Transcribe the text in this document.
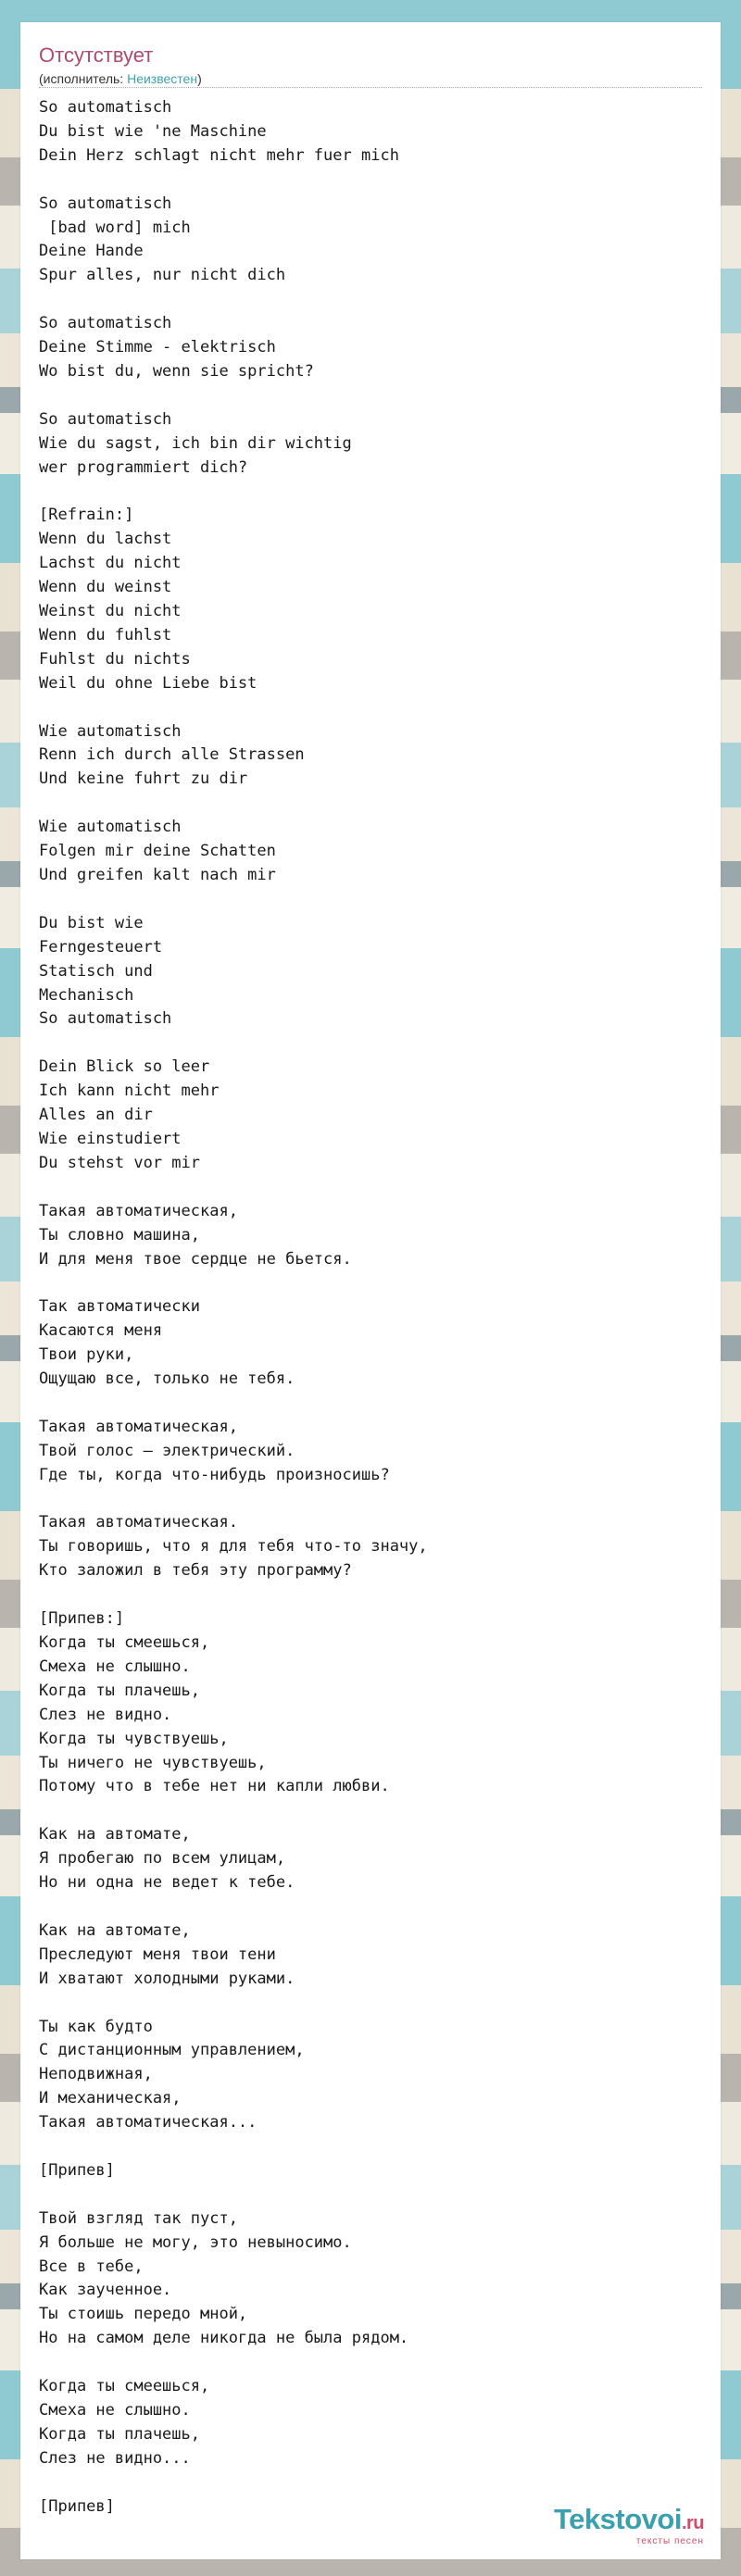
Отсутствует
(исполнитель: Неизвестен)
So automatisch
Du bist wie 'ne Maschine
Dein Herz schlagt nicht mehr fuer mich

So automatisch
[bad word] mich
Deine Hande
Spur alles, nur nicht dich

So automatisch
Deine Stimme - elektrisch
Wo bist du, wenn sie spricht?

So automatisch
Wie du sagst, ich bin dir wichtig
wer programmiert dich?

[Refrain:]
Wenn du lachst
Lachst du nicht
Wenn du weinst
Weinst du nicht
Wenn du fuhlst
Fuhlst du nichts
Weil du ohne Liebe bist

Wie automatisch
Renn ich durch alle Strassen
Und keine fuhrt zu dir

Wie automatisch
Folgen mir deine Schatten
Und greifen kalt nach mir

Du bist wie
Ferngesteuert
Statisch und
Mechanisch
So automatisch

Dein Blick so leer
Ich kann nicht mehr
Alles an dir
Wie einstudiert
Du stehst vor mir

Такая автоматическая,
Ты словно машина,
И для меня твое сердце не бьется.

Так автоматически
Касаются меня
Твои руки,
Ощущаю все, только не тебя.

Такая автоматическая,
Твой голос – электрический.
Где ты, когда что-нибудь произносишь?

Такая автоматическая.
Ты говоришь, что я для тебя что-то значу,
Кто заложил в тебя эту программу?

[Припев:]
Когда ты смеешься,
Смеха не слышно.
Когда ты плачешь,
Слез не видно.
Когда ты чувствуешь,
Ты ничего не чувствуешь,
Потому что в тебе нет ни капли любви.

Как на автомате,
Я пробегаю по всем улицам,
Но ни одна не ведет к тебе.

Как на автомате,
Преследуют меня твои тени
И хватают холодными руками.

Ты как будто
С дистанционным управлением,
Неподвижная,
И механическая,
Такая автоматическая...

[Припев]

Твой взгляд так пуст,
Я больше не могу, это невыносимо.
Все в тебе,
Как заученное.
Ты стоишь передо мной,
Но на самом деле никогда не была рядом.

Когда ты смеешься,
Смеха не слышно.
Когда ты плачешь,
Слез не видно...

[Припев]	Tekstovoi.ru
тексты песен
